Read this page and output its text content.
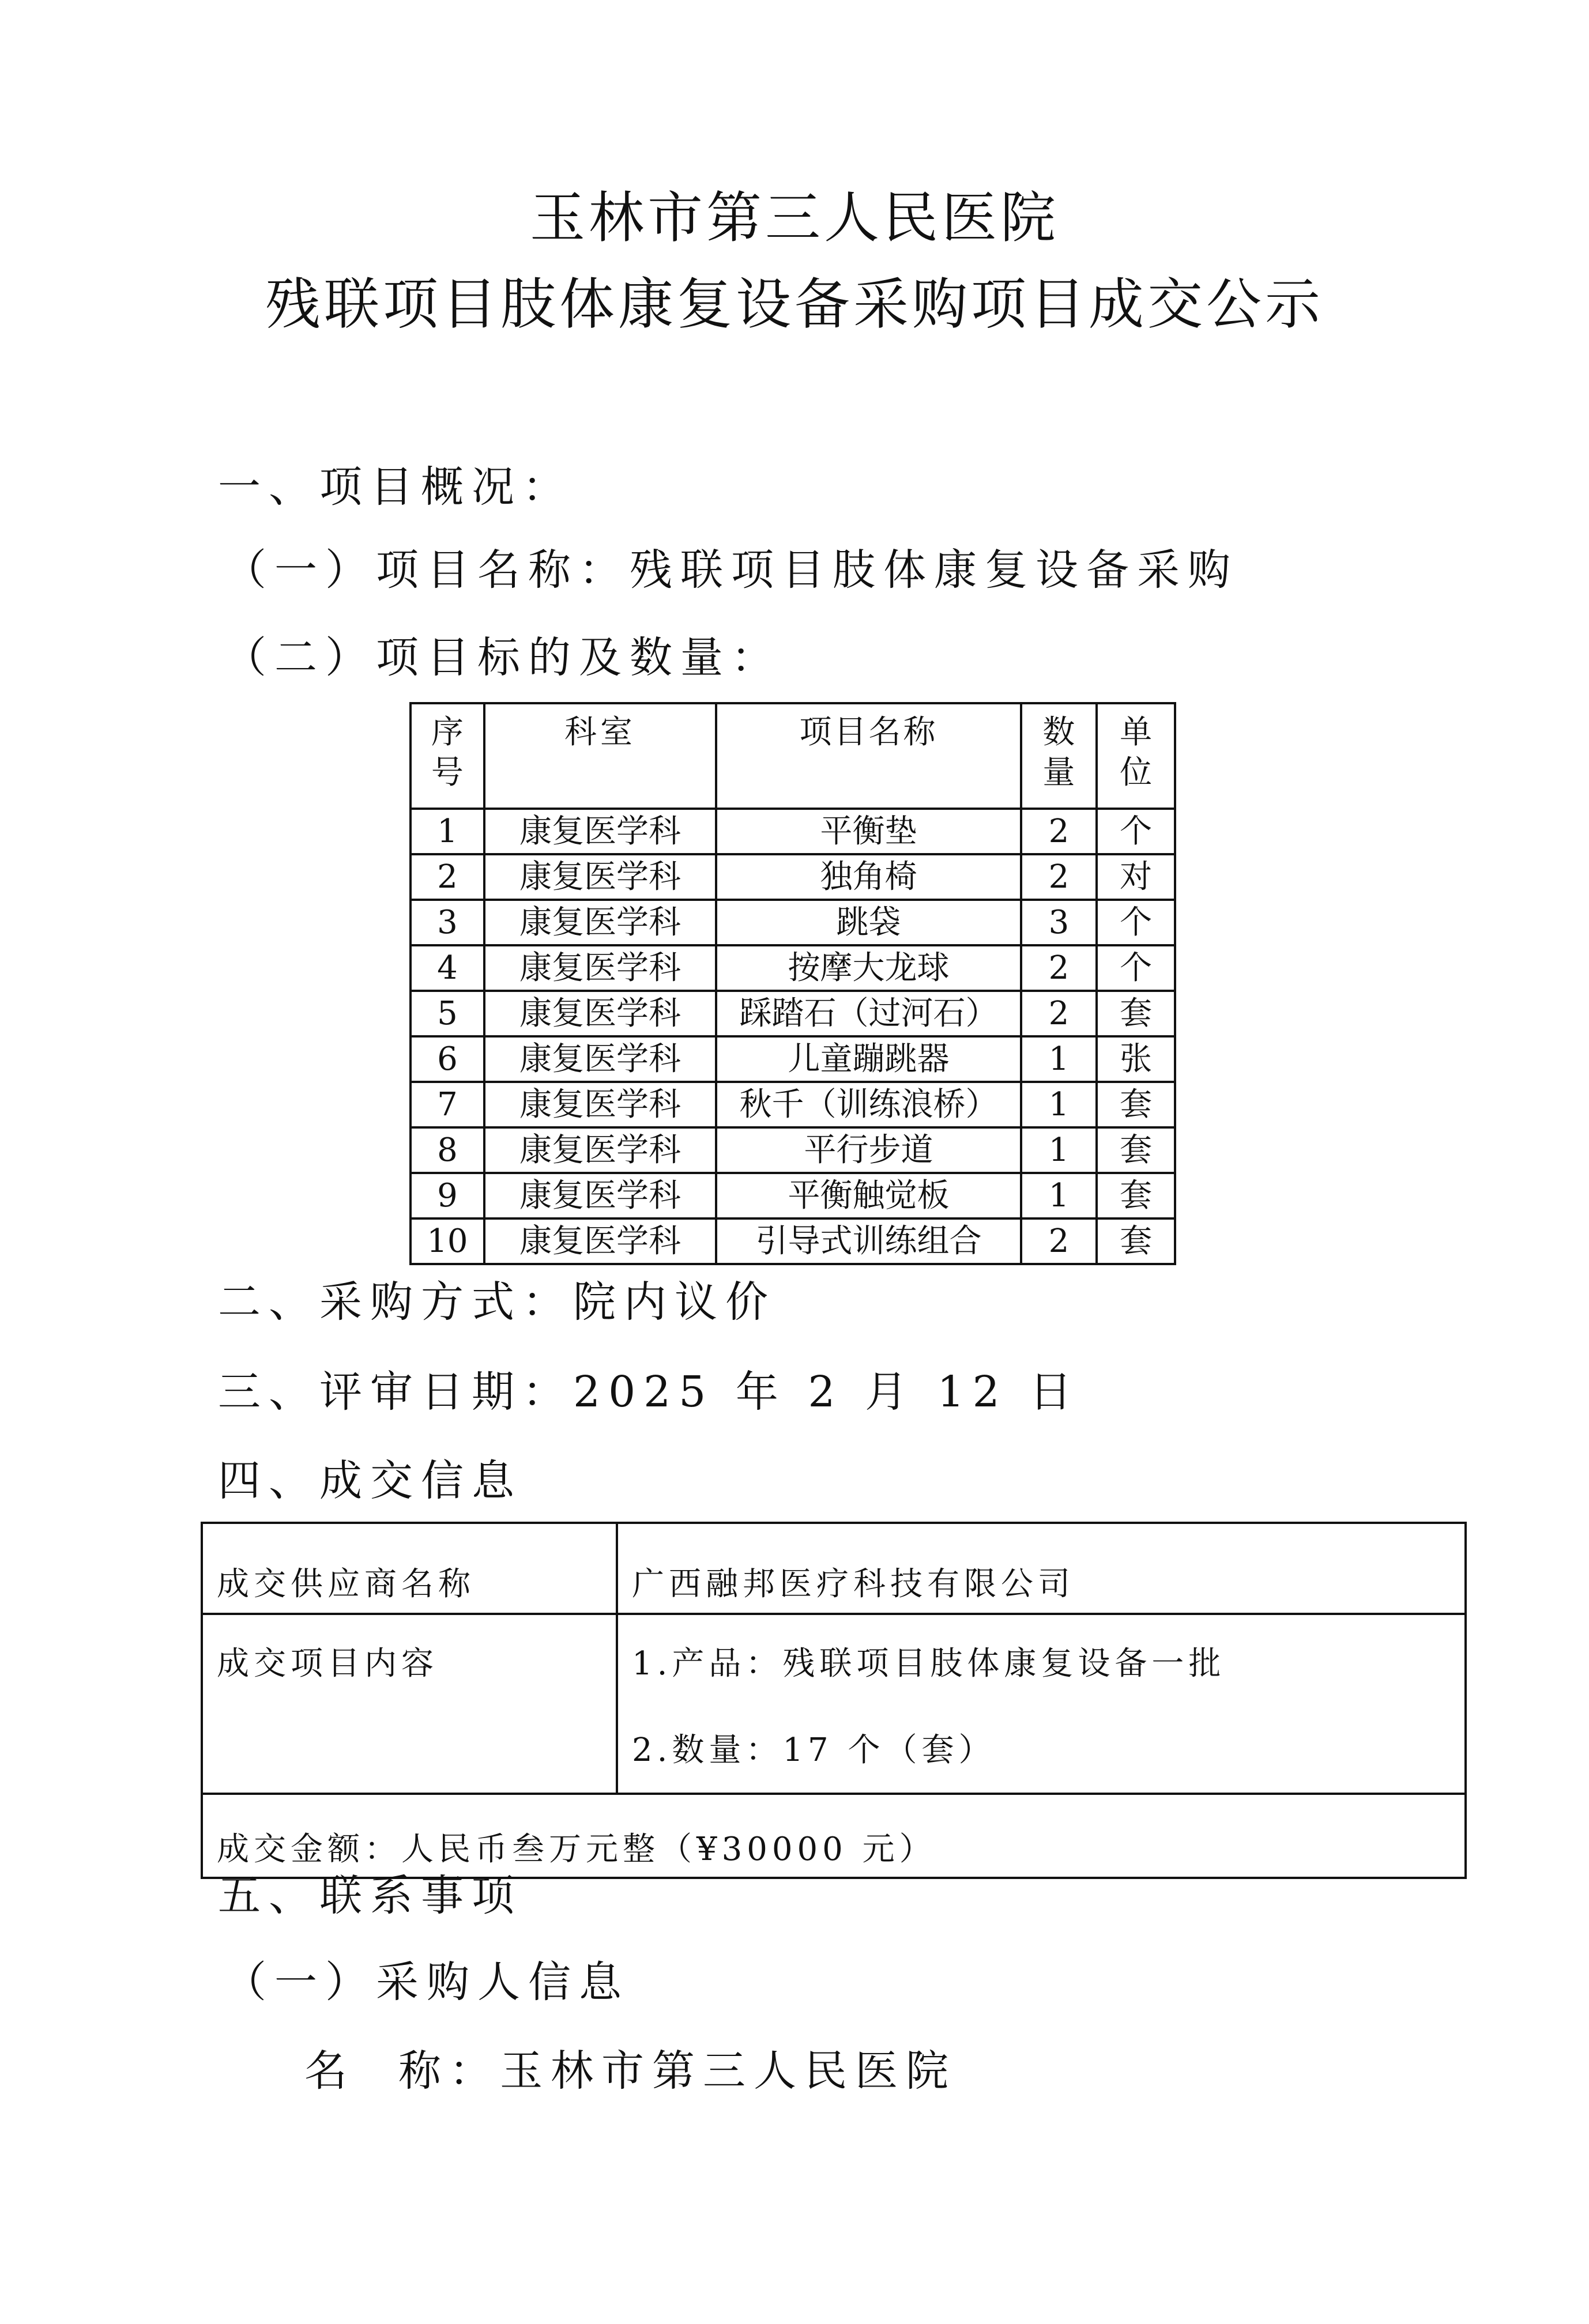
玉林市第三人民医院
残联项目肢体康复设备采购项目成交公示
一、项目概况：
（一）项目名称：残联项目肢体康复设备采购
（二）项目标的及数量：
序号	科室	项目名称	数量	单位
1	康复医学科	平衡垫	2	个
2	康复医学科	独角椅	2	对
3	康复医学科	跳袋	3	个
4	康复医学科	按摩大龙球	2	个
5	康复医学科	踩踏石（过河石）	2	套
6	康复医学科	儿童蹦跳器	1	张
7	康复医学科	秋千（训练浪桥）	1	套
8	康复医学科	平行步道	1	套
9	康复医学科	平衡触觉板	1	套
10	康复医学科	引导式训练组合	2	套
二、采购方式：院内议价
三、评审日期：2025 年 2 月 12 日
四、成交信息
成交供应商名称	广西融邦医疗科技有限公司
成交项目内容	1.产品：残联项目肢体康复设备一批
2.数量：17 个（套）

成交金额：人民币叁万元整（¥30000 元）	
五、联系事项
（一）采购人信息
名  称：玉林市第三人民医院
